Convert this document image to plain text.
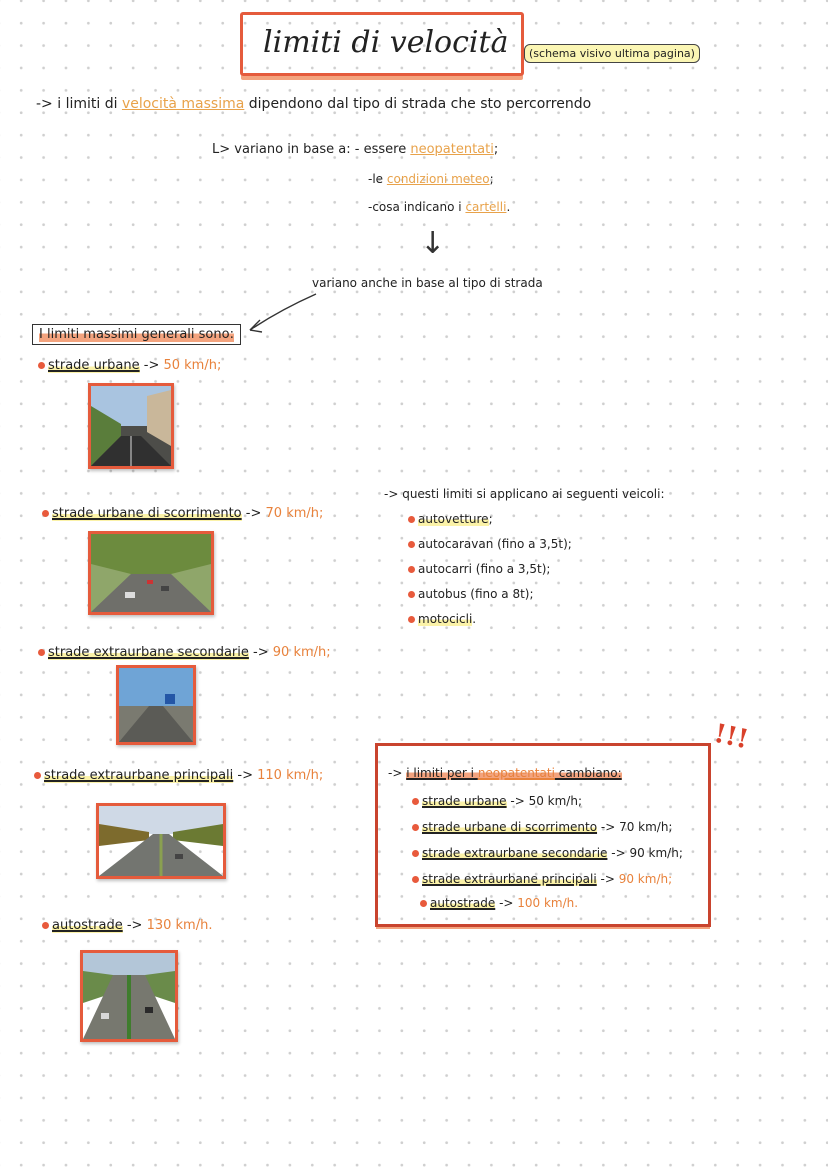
limiti di velocità	(schema visivo ultima pagina)
-> i limiti di velocità massima dipendono dal tipo di strada che sto percorrendo
L> variano in base a: - essere neopatentati;
-le condizioni meteo;
-cosa indicano i cartelli.
↓
variano anche in base al tipo di strada
I limiti massimi generali sono:
strade urbane -> 50 km/h;
strade urbane di scorrimento -> 70 km/h;
strade extraurbane secondarie -> 90 km/h;
strade extraurbane principali -> 110 km/h;
autostrade -> 130 km/h.
-> questi limiti si applicano ai seguenti veicoli:
autovetture;
autocaravan (fino a 3,5t);
autocarri (fino a 3,5t);
autobus (fino a 8t);
motocicli.
!!!
-> i limiti per i neopatentati cambiano:
strade urbane -> 50 km/h;
strade urbane di scorrimento -> 70 km/h;
strade extraurbane secondarie -> 90 km/h;
strade extraurbane principali -> 90 km/h;
autostrade -> 100 km/h.
